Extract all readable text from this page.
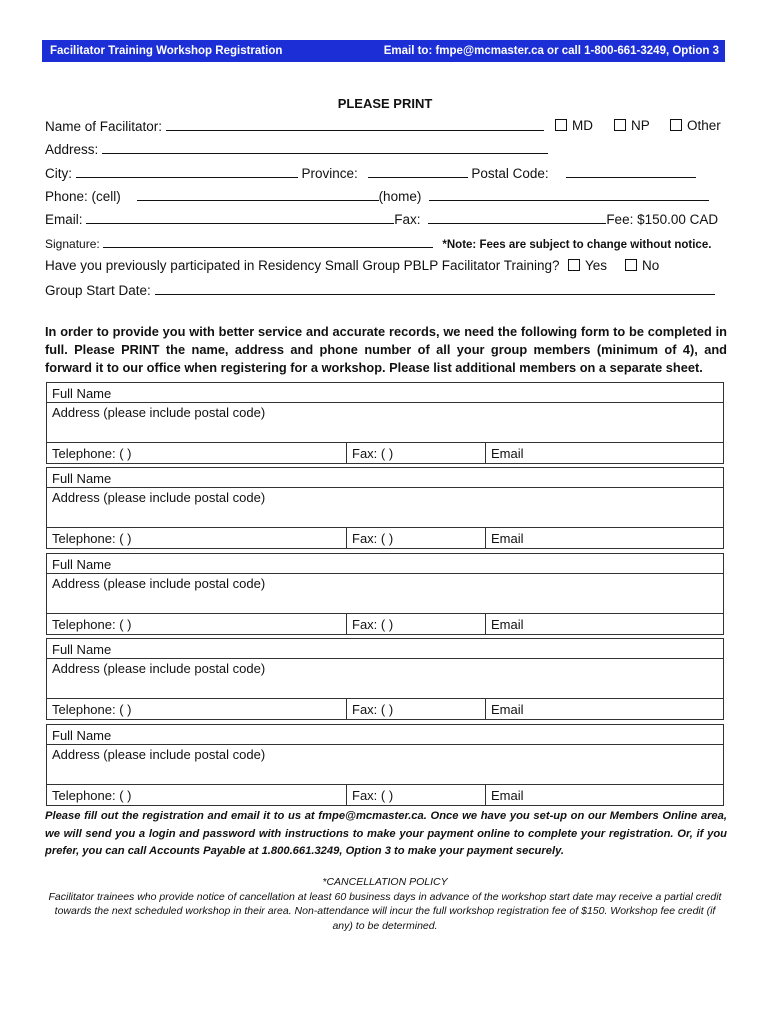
Facilitator Training Workshop Registration	Email to: fmpe@mcmaster.ca or call 1-800-661-3249, Option 3
PLEASE PRINT
Name of Facilitator:	MD	NP	Other
Address:
City:	Province:	Postal Code:
Phone: (cell)	(home)
Email:	Fax:	Fee: $150.00 CAD
Signature:	*Note: Fees are subject to change without notice.
Have you previously participated in Residency Small Group PBLP Facilitator Training?	Yes	No
Group Start Date:
In order to provide you with better service and accurate records, we need the following form to be completed in full. Please PRINT the name, address and phone number of all your group members (minimum of 4), and forward it to our office when registering for a workshop. Please list additional members on a separate sheet.
Full Name
Address (please include postal code)
Telephone: ( )	Fax: ( )	Email
Full Name
Address (please include postal code)
Telephone: ( )	Fax: ( )	Email
Full Name
Address (please include postal code)
Telephone: ( )	Fax: ( )	Email
Full Name
Address (please include postal code)
Telephone: ( )	Fax: ( )	Email
Full Name
Address (please include postal code)
Telephone: ( )	Fax: ( )	Email
Please fill out the registration and email it to us at fmpe@mcmaster.ca. Once we have you set-up on our Members Online area, we will send you a login and password with instructions to make your payment online to complete your registration. Or, if you prefer, you can call Accounts Payable at 1.800.661.3249, Option 3 to make your payment securely.
*CANCELLATION POLICY
Facilitator trainees who provide notice of cancellation at least 60 business days in advance of the workshop start date may receive a partial credit towards the next scheduled workshop in their area. Non-attendance will incur the full workshop registration fee of $150. Workshop fee credit (if any) to be determined.
